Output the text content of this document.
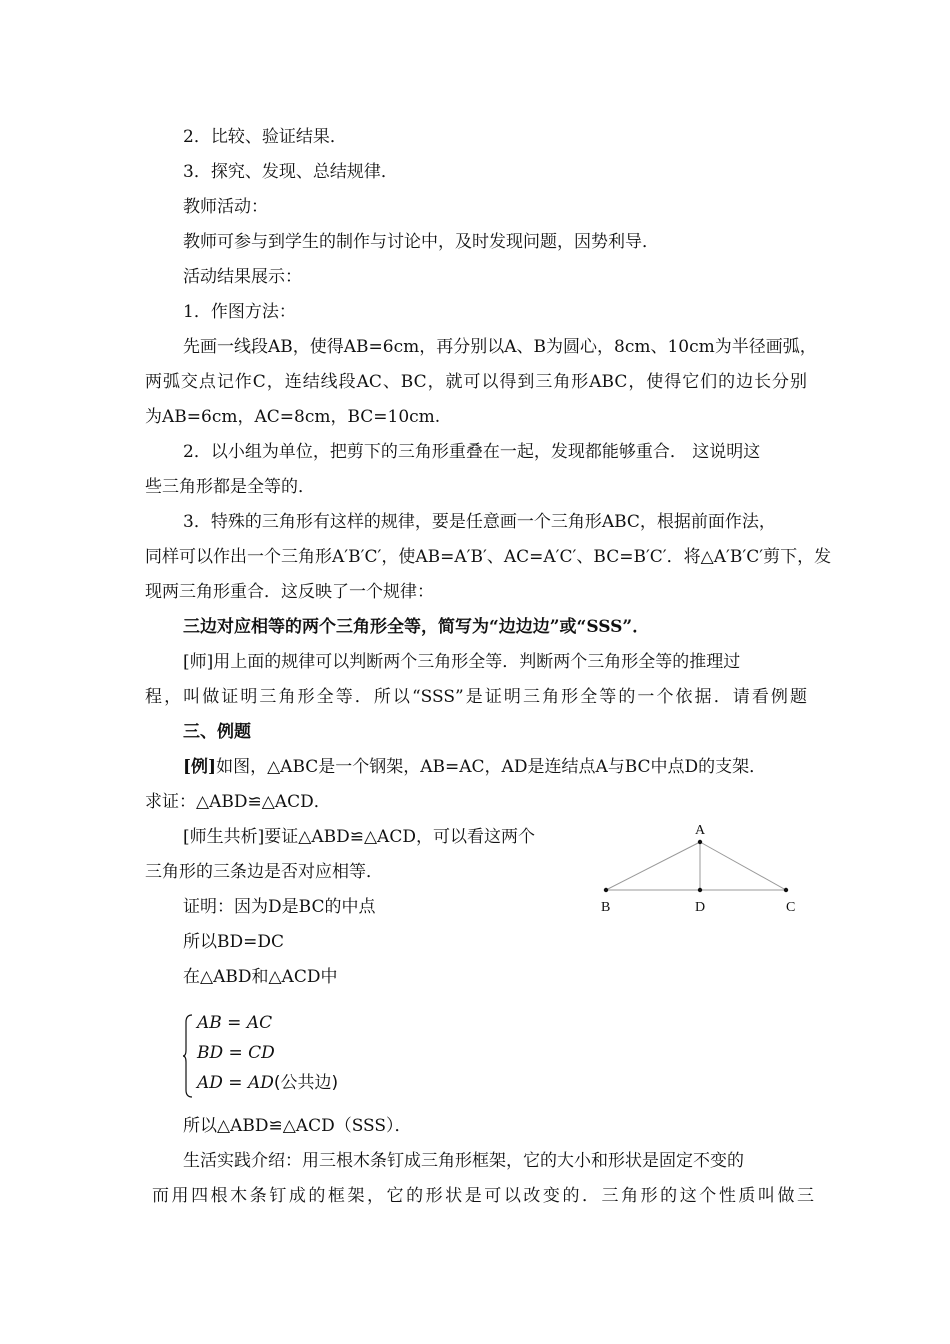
2．比较、验证结果．
3．探究、发现、总结规律．
教师活动：
教师可参与到学生的制作与讨论中，及时发现问题，因势利导．
活动结果展示：
1．作图方法：
先画一线段AB，使得AB=6cm，再分别以A、B为圆心，8cm、10cm为半径画弧，
两弧交点记作C，连结线段AC、BC，就可以得到三角形ABC，使得它们的边长分别
为AB=6cm，AC=8cm，BC=10cm.
2．以小组为单位，把剪下的三角形重叠在一起，发现都能够重合． 这说明这
些三角形都是全等的．
3．特殊的三角形有这样的规律，要是任意画一个三角形ABC，根据前面作法，
同样可以作出一个三角形A′B′C′，使AB=A′B′、AC=A′C′、BC=B′C′．将△A′B′C′剪下，发
现两三角形重合．这反映了一个规律：
三边对应相等的两个三角形全等，简写为“边边边”或“SSS”．
[师]用上面的规律可以判断两个三角形全等．判断两个三角形全等的推理过
程，叫做证明三角形全等．所以“SSS”是证明三角形全等的一个依据．请看例题
三、例题
[例]如图，△ABC是一个钢架，AB=AC，AD是连结点A与BC中点D的支架．
求证：△ABD≌△ACD．
[师生共析]要证△ABD≌△ACD，可以看这两个
三角形的三条边是否对应相等．
证明：因为D是BC的中点
所以BD=DC
在△ABD和△ACD中
AB = AC
BD = CD
AD = AD(公共边)
所以△ABD≌△ACD（SSS）．
生活实践介绍：用三根木条钉成三角形框架，它的大小和形状是固定不变的
而用四根木条钉成的框架，它的形状是可以改变的．三角形的这个性质叫做三
A
B	D	C
